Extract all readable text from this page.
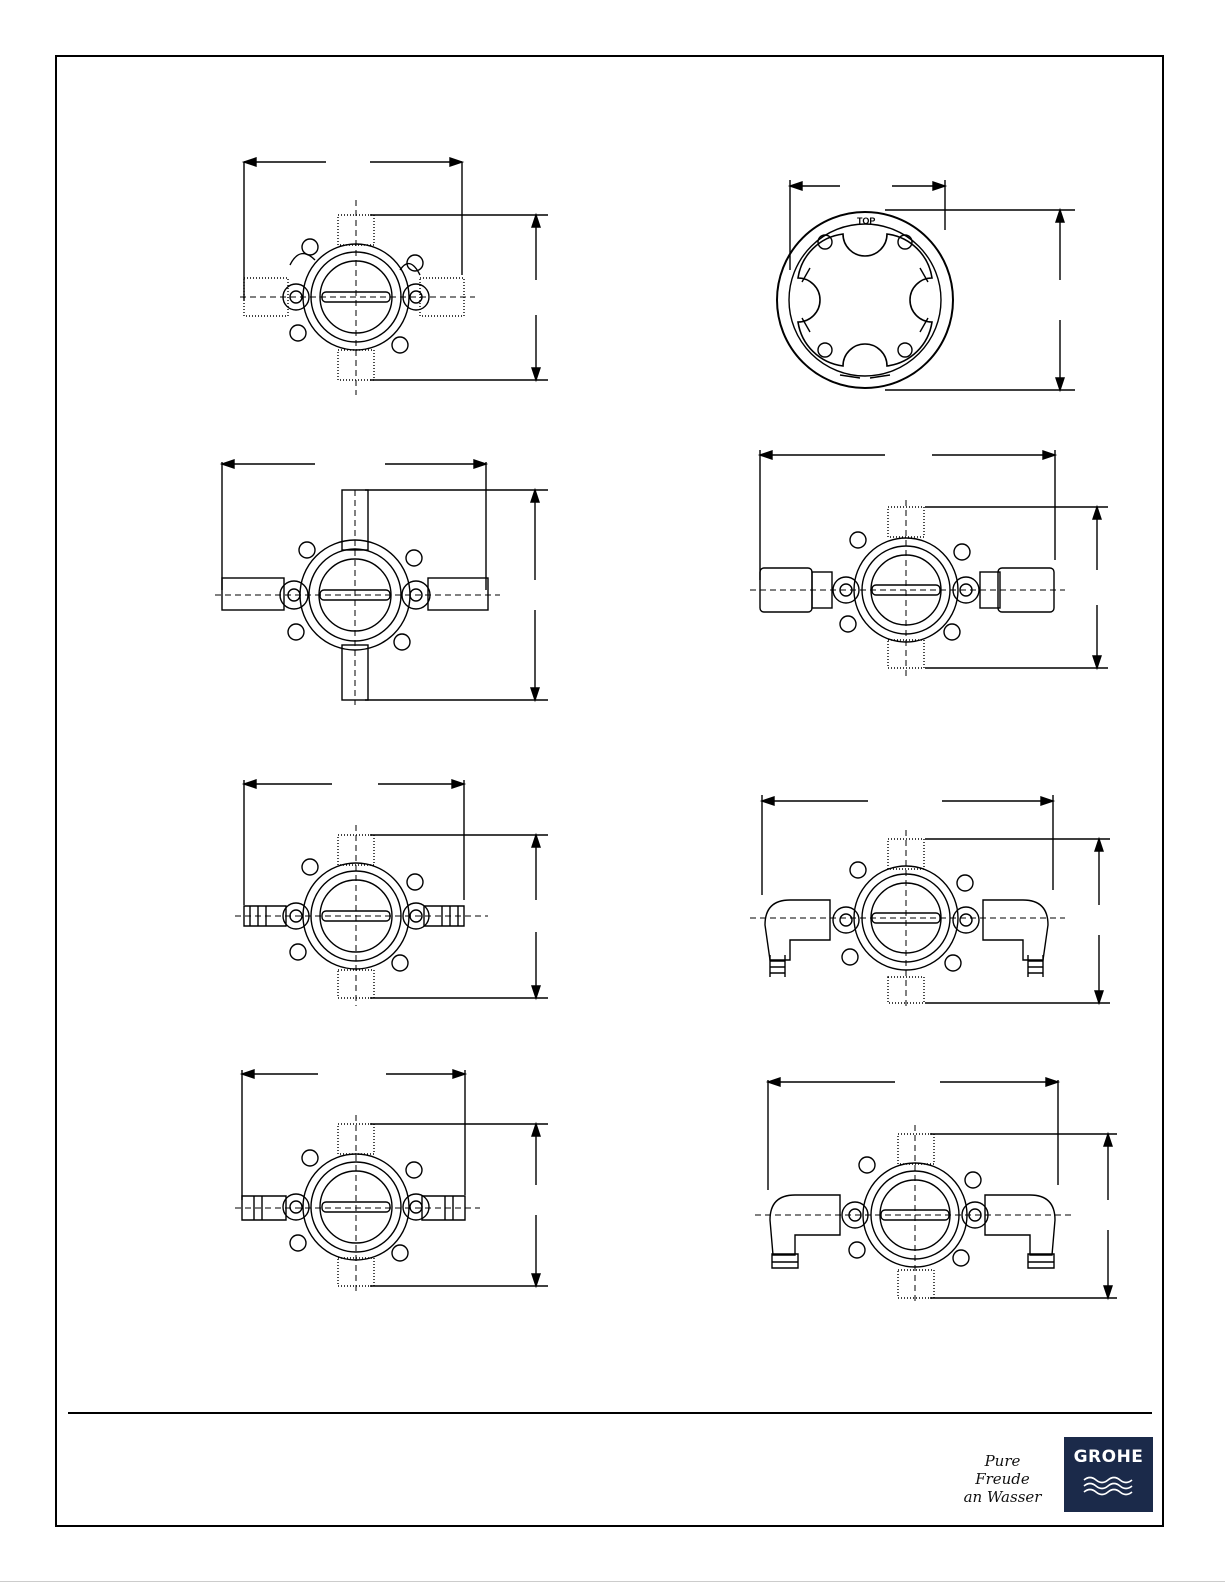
TOP
Pure Freude
an Wasser
GROHE
